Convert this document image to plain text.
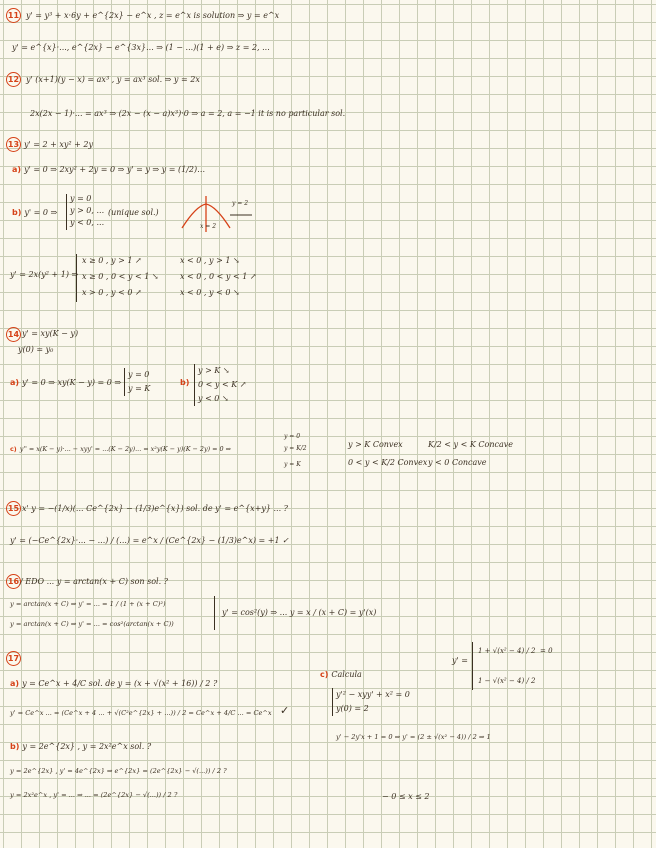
11 y' = y³ + x·6y + e^{2x} − e^x , z = e^x is solution ⇒ y = e^x
y' = e^{x}·..., e^{2x} − e^{3x}... ⇒ (1 − ...)(1 + e) ⇒ z = 2, ...
12 y' (x+1)(y − x) = ax³ , y = ax³ sol. ⇒ y = 2x
2x(2x − 1)·... = ax³ ⇒ (2x − (x − a)x³)·0 ⇒ a = 2, a = −1 it is no particular sol.
13 y' = 2 + xy² + 2y
a) y' = 0 ⇒ 2xy² + 2y = 0 ⇒ y' = y ⇒ y = (1/2)…
b) y' = 0 ⇒
y = 0
y > 0, ...
y < 0, ...
(unique sol.)
y = 2
x = 2
y' = 2x(y² + 1) ⇒
x ≥ 0 , y > 1 ↗
x ≥ 0 , 0 < y < 1 ↘
x > 0 , y < 0 ↗
x < 0 , y > 1 ↘
x < 0 , 0 < y < 1 ↗
x < 0 , y < 0 ↘
14 y' = xy(K − y)
y(0) = y₀
a) y' = 0 ⇒ xy(K − y) = 0 ⇒
y = 0
y = K
b)
y > K ↘
0 < y < K ↗
y < 0 ↘
c) y'' = x(K − y)·... − xyy' = ...(K − 2y)... = x²y(K − y)(K − 2y) = 0 ⇒
y = 0
y = K/2
y = K
y > K Convex	K/2 < y < K Concave
0 < y < K/2 Convex y < 0 Concave
15 x' y = −(1/x)(... Ce^{2x} − (1/3)e^{x}) sol. de y' = e^{x+y} ... ?
y' = (−Ce^{2x}·... − ...) / (...) = e^x / (Ce^{2x} − (1/3)e^x) = +1 ✓
16 / EDO ... y = arctan(x + C) son sol. ?
y = arctan(x + C) ⇒ y' = ... = 1 / (1 + (x + C)²)
y = arctan(x + C) ⇒ y' = ... = cos²(arctan(x + C))
y' = cos²(y) ⇒ ... y = x / (x + C) = y'(x)
17
a) y = Ce^x + 4/C sol. de y = (x + √(x² + 16)) / 2 ?
y' = Ce^x ... = (Ce^x + 4 ... + √(C²e^{2x} + ...)) / 2 = Ce^x + 4/C ... = Ce^x ✓
b) y = 2e^{2x} , y = 2x²e^x sol. ?
y = 2e^{2x} , y' = 4e^{2x} ⇒ e^{2x} = (2e^{2x} − √(...)) / 2 ?
y = 2x²e^x , y' = ... ⇒ ... = (2e^{2x} − √(...)) / 2 ?
c) Calcula
y'² − xyy' + x² = 0
y(0) = 2
y' − 2y'x + 1 = 0 ⇒ y' = (2 ± √(x² − 4)) / 2 ⇒ 1
y' =
1 + √(x² − 4) / 2 = 0
1 − √(x² − 4) / 2
− 0 ≤ x ≤ 2
